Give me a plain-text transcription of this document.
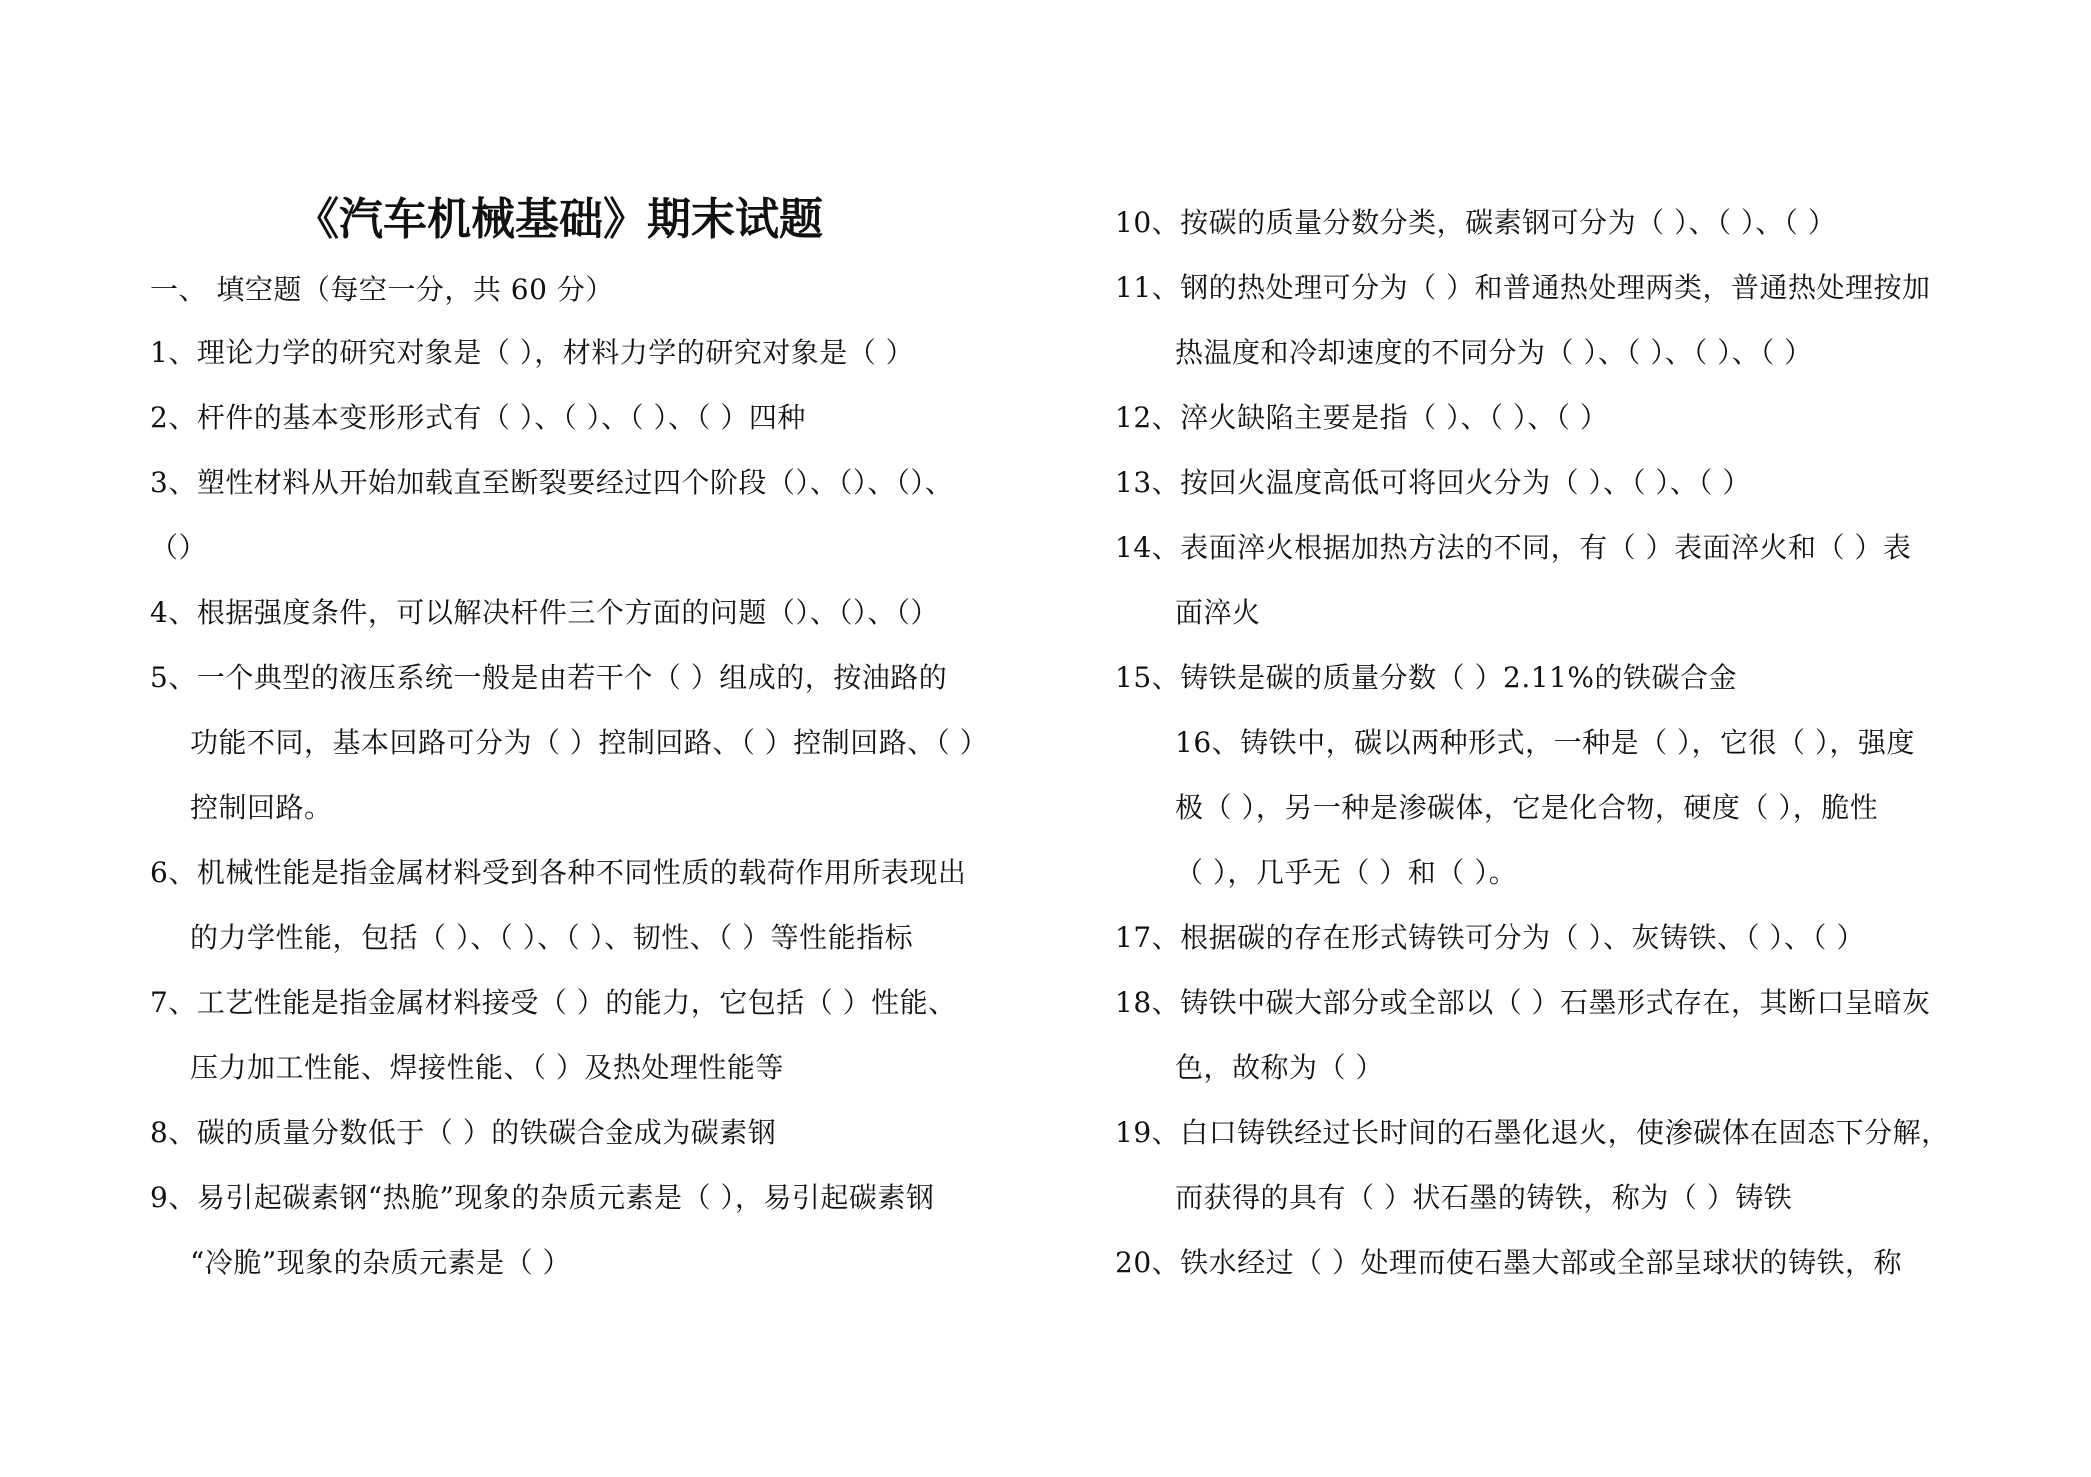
《汽车机械基础》期末试题
一、 填空题（每空一分，共 60 分）
1、理论力学的研究对象是（ ），材料力学的研究对象是（ ）
2、杆件的基本变形形式有（ ）、（ ）、（ ）、（ ）四种
3、塑性材料从开始加载直至断裂要经过四个阶段（）、（）、（）、
（）
4、根据强度条件，可以解决杆件三个方面的问题（）、（）、（）
5、一个典型的液压系统一般是由若干个（ ）组成的，按油路的
功能不同，基本回路可分为（ ）控制回路、（ ）控制回路、（ ）
控制回路。
6、机械性能是指金属材料受到各种不同性质的载荷作用所表现出
的力学性能，包括（ ）、（ ）、（ ）、韧性、（ ）等性能指标
7、工艺性能是指金属材料接受（ ）的能力，它包括（ ）性能、
压力加工性能、焊接性能、（ ）及热处理性能等
8、碳的质量分数低于（ ）的铁碳合金成为碳素钢
9、易引起碳素钢“热脆”现象的杂质元素是（ ），易引起碳素钢
“冷脆”现象的杂质元素是（ ）
10、按碳的质量分数分类，碳素钢可分为（ ）、（ ）、（ ）
11、钢的热处理可分为（ ）和普通热处理两类，普通热处理按加
热温度和冷却速度的不同分为（ ）、（ ）、（ ）、（ ）
12、淬火缺陷主要是指（ ）、（ ）、（ ）
13、按回火温度高低可将回火分为（ ）、（ ）、（ ）
14、表面淬火根据加热方法的不同，有（ ）表面淬火和（ ）表
面淬火
15、铸铁是碳的质量分数（ ）2.11%的铁碳合金
16、铸铁中，碳以两种形式，一种是（ ），它很（ ），强度
极（ ），另一种是渗碳体，它是化合物，硬度（ ），脆性
（ ），几乎无（ ）和（ ）。
17、根据碳的存在形式铸铁可分为（ ）、灰铸铁、（ ）、（ ）
18、铸铁中碳大部分或全部以（ ）石墨形式存在，其断口呈暗灰
色，故称为（ ）
19、白口铸铁经过长时间的石墨化退火，使渗碳体在固态下分解，
而获得的具有（ ）状石墨的铸铁，称为（ ）铸铁
20、铁水经过（ ）处理而使石墨大部或全部呈球状的铸铁，称
